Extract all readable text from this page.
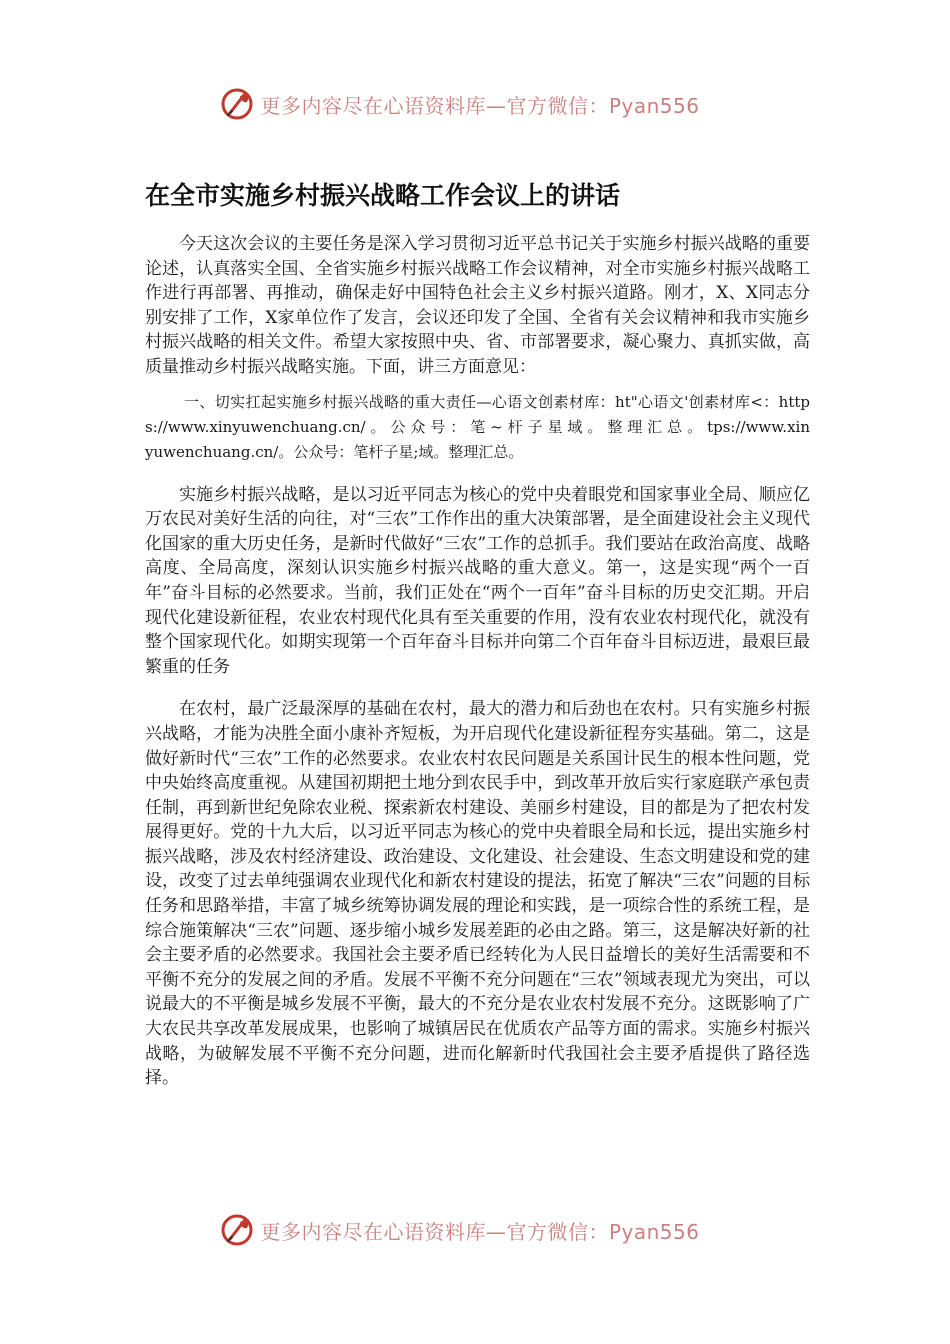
更多内容尽在心语资料库—官方微信：Pyan556
在全市实施乡村振兴战略工作会议上的讲话

今天这次会议的主要任务是深入学习贯彻习近平总书记关于实施乡村振兴战略的重要论述，认真落实全国、全省实施乡村振兴战略工作会议精神，对全市实施乡村振兴战略工作进行再部署、再推动，确保走好中国特色社会主义乡村振兴道路。刚才，X、X同志分别安排了工作，X家单位作了发言，会议还印发了全国、全省有关会议精神和我市实施乡村振兴战略的相关文件。希望大家按照中央、省、市部署要求，凝心聚力、真抓实做，高质量推动乡村振兴战略实施。下面，讲三方面意见：

一、切实扛起实施乡村振兴战略的重大责任—心语文创素材库：ht"心语文'创素材库<：https://www.xinyuwenchuang.cn/ 。 公 众 号 ： 笔 ~ 杆 子 星 域 。 整 理 汇 总 。 tps://www.xinyuwenchuang.cn/。公众号：笔杆子星;域。整理汇总。

实施乡村振兴战略，是以习近平同志为核心的党中央着眼党和国家事业全局、顺应亿万农民对美好生活的向往，对“三农”工作作出的重大决策部署，是全面建设社会主义现代化国家的重大历史任务，是新时代做好“三农”工作的总抓手。我们要站在政治高度、战略高度、全局高度，深刻认识实施乡村振兴战略的重大意义。第一，这是实现“两个一百年”奋斗目标的必然要求。当前，我们正处在“两个一百年”奋斗目标的历史交汇期。开启现代化建设新征程，农业农村现代化具有至关重要的作用，没有农业农村现代化，就没有整个国家现代化。如期实现第一个百年奋斗目标并向第二个百年奋斗目标迈进，最艰巨最繁重的任务

在农村，最广泛最深厚的基础在农村，最大的潜力和后劲也在农村。只有实施乡村振兴战略，才能为决胜全面小康补齐短板，为开启现代化建设新征程夯实基础。第二，这是做好新时代“三农”工作的必然要求。农业农村农民问题是关系国计民生的根本性问题，党中央始终高度重视。从建国初期把土地分到农民手中，到改革开放后实行家庭联产承包责任制，再到新世纪免除农业税、探索新农村建设、美丽乡村建设，目的都是为了把农村发展得更好。党的十九大后，以习近平同志为核心的党中央着眼全局和长远，提出实施乡村振兴战略，涉及农村经济建设、政治建设、文化建设、社会建设、生态文明建设和党的建设，改变了过去单纯强调农业现代化和新农村建设的提法，拓宽了解决“三农”问题的目标任务和思路举措，丰富了城乡统筹协调发展的理论和实践，是一项综合性的系统工程，是综合施策解决“三农”问题、逐步缩小城乡发展差距的必由之路。第三，这是解决好新的社会主要矛盾的必然要求。我国社会主要矛盾已经转化为人民日益增长的美好生活需要和不平衡不充分的发展之间的矛盾。发展不平衡不充分问题在“三农”领域表现尤为突出，可以说最大的不平衡是城乡发展不平衡，最大的不充分是农业农村发展不充分。这既影响了广大农民共享改革发展成果，也影响了城镇居民在优质农产品等方面的需求。实施乡村振兴战略，为破解发展不平衡不充分问题，进而化解新时代我国社会主要矛盾提供了路径选择。

更多内容尽在心语资料库—官方微信：Pyan556
